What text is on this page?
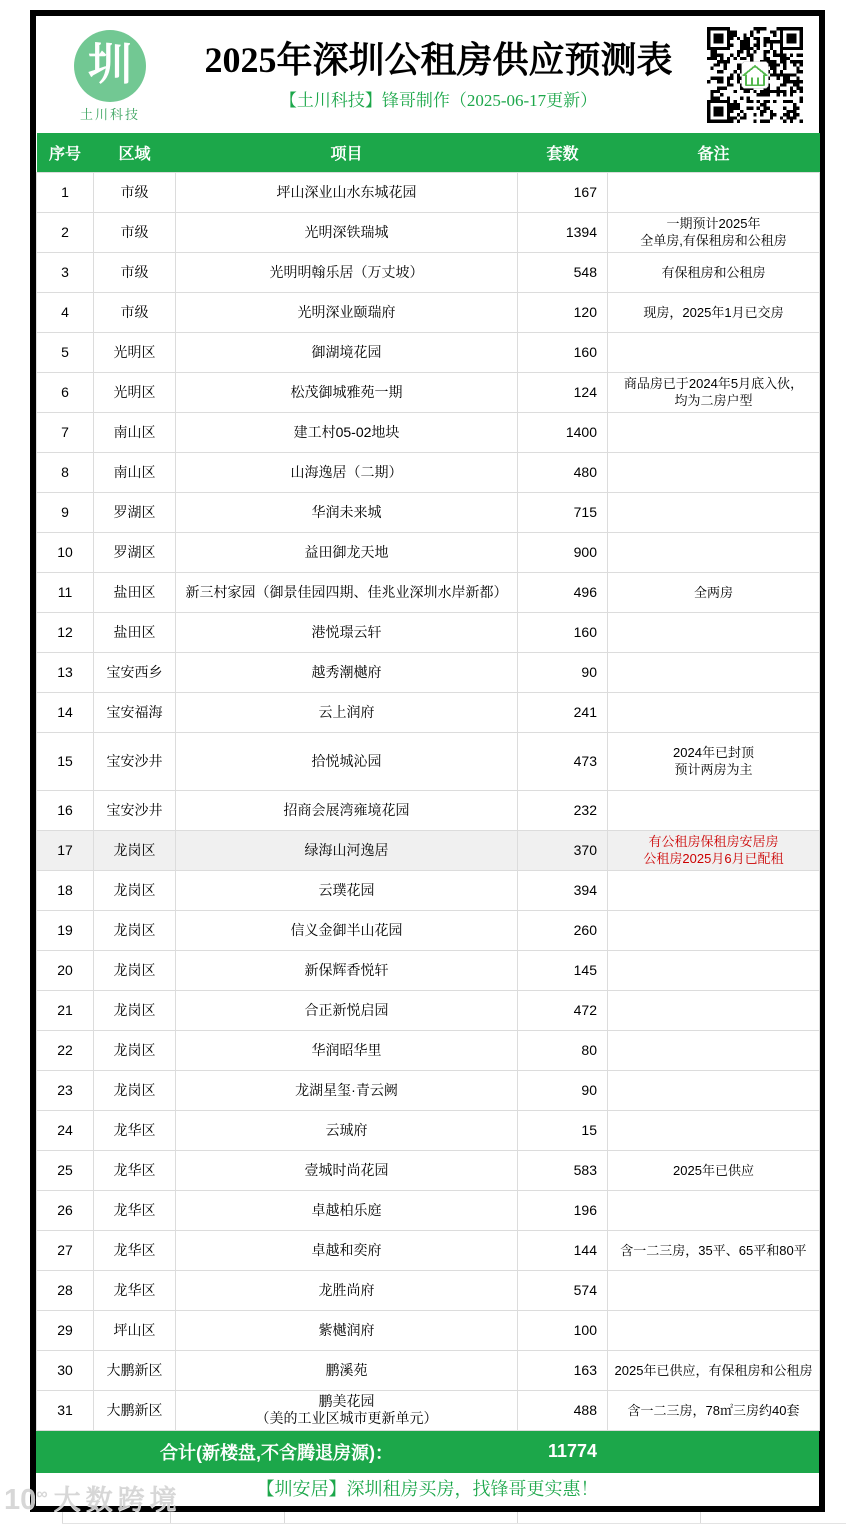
圳
土川科技
2025年深圳公租房供应预测表
【土川科技】锋哥制作（2025-06-17更新）
序号	区域	项目	套数	备注
1	市级	坪山深业山水东城花园	167	
2	市级	光明深铁瑞城	1394	一期预计2025年
全单房,有保租房和公租房
3	市级	光明明翰乐居（万丈坡）	548	有保租房和公租房
4	市级	光明深业颐瑞府	120	现房，2025年1月已交房
5	光明区	御湖境花园	160	
6	光明区	松茂御城雅苑一期	124	商品房已于2024年5月底入伙，
均为二房户型
7	南山区	建工村05-02地块	1400	
8	南山区	山海逸居（二期）	480	
9	罗湖区	华润未来城	715	
10	罗湖区	益田御龙天地	900	
11	盐田区	新三村家园（御景佳园四期、佳兆业深圳水岸新都）	496	全两房
12	盐田区	港悦璟云轩	160	
13	宝安西乡	越秀潮樾府	90	
14	宝安福海	云上润府	241	
15	宝安沙井	拾悦城沁园	473	2024年已封顶
预计两房为主
16	宝安沙井	招商会展湾雍境花园	232	
17	龙岗区	绿海山河逸居	370	有公租房保租房安居房
公租房2025月6月已配租
18	龙岗区	云璞花园	394	
19	龙岗区	信义金御半山花园	260	
20	龙岗区	新保辉香悦轩	145	
21	龙岗区	合正新悦启园	472	
22	龙岗区	华润昭华里	80	
23	龙岗区	龙湖星玺·青云阙	90	
24	龙华区	云珹府	15	
25	龙华区	壹城时尚花园	583	2025年已供应
26	龙华区	卓越柏乐庭	196	
27	龙华区	卓越和奕府	144	含一二三房，35平、65平和80平
28	龙华区	龙胜尚府	574	
29	坪山区	紫樾润府	100	
30	大鹏新区	鹏溪苑	163	2025年已供应，有保租房和公租房
31	大鹏新区	鹏美花园
（美的工业区城市更新单元）	488	含一二三房，78㎡三房约40套
合计(新楼盘,不含腾退房源)：	11774
【圳安居】深圳租房买房，找锋哥更实惠！
10∞ 大数跨境
